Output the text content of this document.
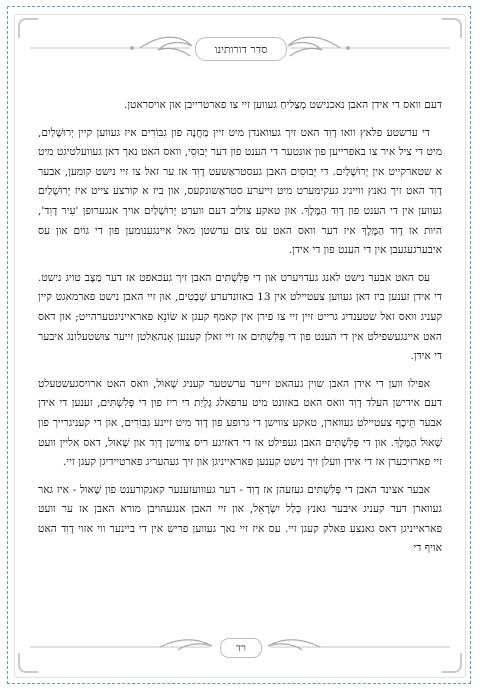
סדר דורותינו

דעם וואס די אידן האבן נאכנישט מְצַליחַ געווען זיי צו פארטרייבן און אויסראטן.

די ערשטע פלאץ וואו דָוִד האט זיך געוואנדן מיט זיין מַחֲנֶה פון גִבּוֹרִים איז געווען קיין יְרוּשָׁלַיִם, מיט די ציל איר צו באפרייען פון אונטער די הענט פון דער יְבוּסִי, וואס האט נאך דאן געוועלטיגט מיט א שטארקייט אין יְרוּשָׁלַיִם. די יְבוּסִים האבן געסטראַשעט דָוִד אז ער זאל צו זיי נישט קומען, אבער דָוִד האט זיך גאנץ ווייניג געקימערט מיט זייערע סטראַשונקעס, און ביז א קורצע צייט איז יְרוּשָׁלַיִם געווען אין די הענט פון דָוִד הַמֶּלֶךְ. און טאקע צוליב דעם ווערט יְרוּשָׁלַיִם אויך אנגערופן 'עִיר דָוִד', היות אז דָוִד הַמֶּלֶךְ איז דער וואס האט עס צום ערשטן מאל איינגענומען פון די גוֹיִם און עס איבערגעגעבן אין די הענט פון די אידן.

עס האט אבער נישט לאנג געדויערט און די פְּלִשְׁתִּים האבן זיך געכאפט אז דער מַצָב טויג נישט. די אידן זענען ביז דאן געווען צעטיילט אין 13 באזונדערע שְׁבָטִים, און זיי האבן נישט פארמאגט קיין קעניג וואס זאל שטענדיג גרייט זיין זיי צו פירן אין קאמף קעגן א שׂוֹנֵא פאראייניגטערהייט; און דאס האט איינגעשפילט אין די הענט פון די פְּלִשְׁתִּים אז זיי זאלן קענען אָנהאַלטן זייער צוּשטעלונג איבער די אידן.

אפילו ווען די אידן האבן שוין געהאט זייער ערשטער קעניג שָׁאוּל, וואס האט ארויסגעשטעלט דעם אידישן העלד דָוִד וואס האט באזונט מיט ערפאלג גָלְיַת די ריז פון די פְּלִשְׁתִּים, זענען די אידן אבער תֵּיכֶף צעטיילט געווארן, טאקע צווישן די גרופע פון דָוִד מיט זיינע גִבּוֹרִים, און די קעניגרייך פון שָׁאוּל הַמֶּלֶךְ. און די פְּלִשְׁתִּים האבן געפילט אז די דאזיגע ריס צווישן דָוִד און שָׁאוּל, דאס אליין וועט זיי פארזיכערן אז די אידן וועלן זיך נישט קענען פאראייניגן און זיך געהעריג פארטיידיגן קעגן זיי.

אבער אצינד האבן די פְּלִשְׁתִּים געזעהן אז דָוִד - דער געווועזענער קאנקורענט פון שָׁאוּל - איז גאר געווארן דער קעניג איבער גאנץ כְּלַל יִשְׂרָאֵל, און זיי האבן אנגעהויבן מורא האבן אז ער וועט פאראייניגן דאס גאנצע פאלק קעגן זיי. עס איז זיי נאך געווען פריש אין די ביינער ווי אזוי דָוִד האט אויף די

רד
